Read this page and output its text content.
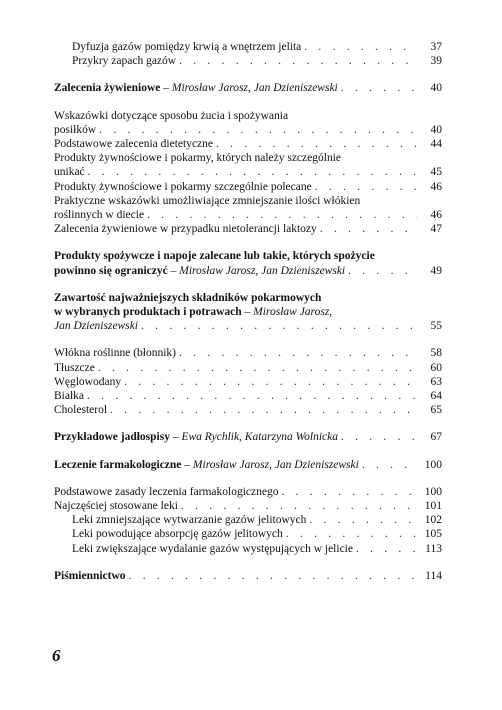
Dyfuzja gazów pomiędzy krwią a wnętrzem jelita . . .	37
Przykry zapach gazów . . .	39
Zalecenia żywieniowe – Mirosław Jarosz, Jan Dzieniszewski . . .	40
Wskazówki dotyczące sposobu żucia i spożywania
posiłków . . .	40
Podstawowe zalecenia dietetyczne . . .	44
Produkty żywnościowe i pokarmy, których należy szczególnie
unikać . . .	45
Produkty żywnościowe i pokarmy szczególnie polecane . . .	46
Praktyczne wskazówki umożliwiające zmniejszanie ilości włókien
roślinnych w diecie . . .	46
Zalecenia żywieniowe w przypadku nietolerancji laktozy . . .	47
Produkty spożywcze i napoje zalecane lub takie, których spożycie
powinno się ograniczyć – Mirosław Jarosz, Jan Dzieniszewski . . .	49
Zawartość najważniejszych składników pokarmowych
w wybranych produktach i potrawach – Mirosław Jarosz,
Jan Dzieniszewski . . .	55
Włókna roślinne (błonnik) . . .	58
Tłuszcze . . .	60
Węglowodany . . .	63
Białka . . .	64
Cholesterol . . .	65
Przykładowe jadłospisy – Ewa Rychlik, Katarzyna Wolnicka . . .	67
Leczenie farmakologiczne – Mirosław Jarosz, Jan Dzieniszewski . . .	100
Podstawowe zasady leczenia farmakologicznego . . .	100
Najczęściej stosowane leki . . .	101
Leki zmniejszające wytwarzanie gazów jelitowych . . .	102
Leki powodujące absorpcję gazów jelitowych . . .	105
Leki zwiększające wydalanie gazów występujących w jelicie . . .	113
Piśmiennictwo . . .	114
6
